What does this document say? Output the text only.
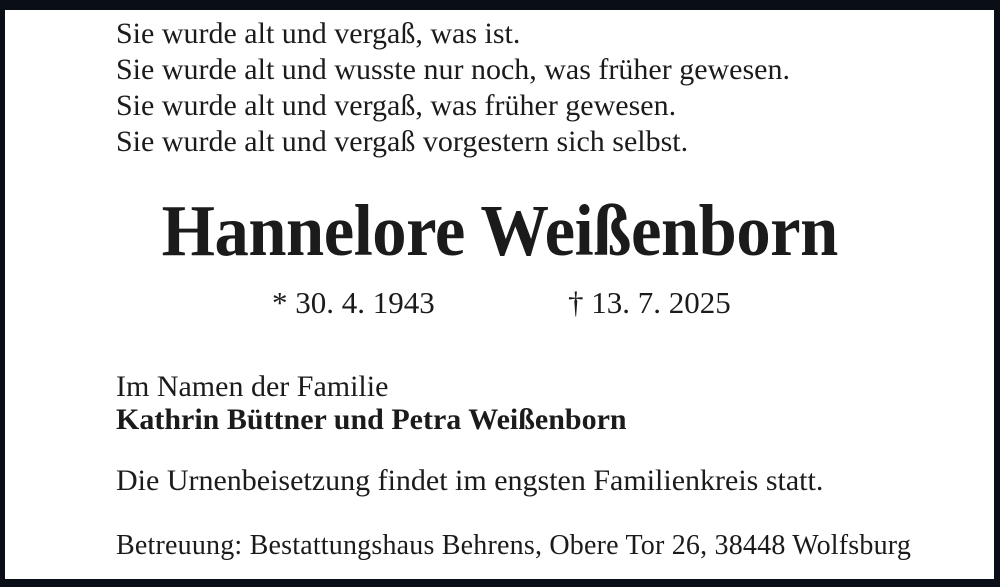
Sie wurde alt und vergaß, was ist.
Sie wurde alt und wusste nur noch, was früher gewesen.
Sie wurde alt und vergaß, was früher gewesen.
Sie wurde alt und vergaß vorgestern sich selbst.
Hannelore Weißenborn
* 30. 4. 1943	† 13. 7. 2025
Im Namen der Familie
Kathrin Büttner und Petra Weißenborn
Die Urnenbeisetzung findet im engsten Familienkreis statt.
Betreuung: Bestattungshaus Behrens, Obere Tor 26, 38448 Wolfsburg
